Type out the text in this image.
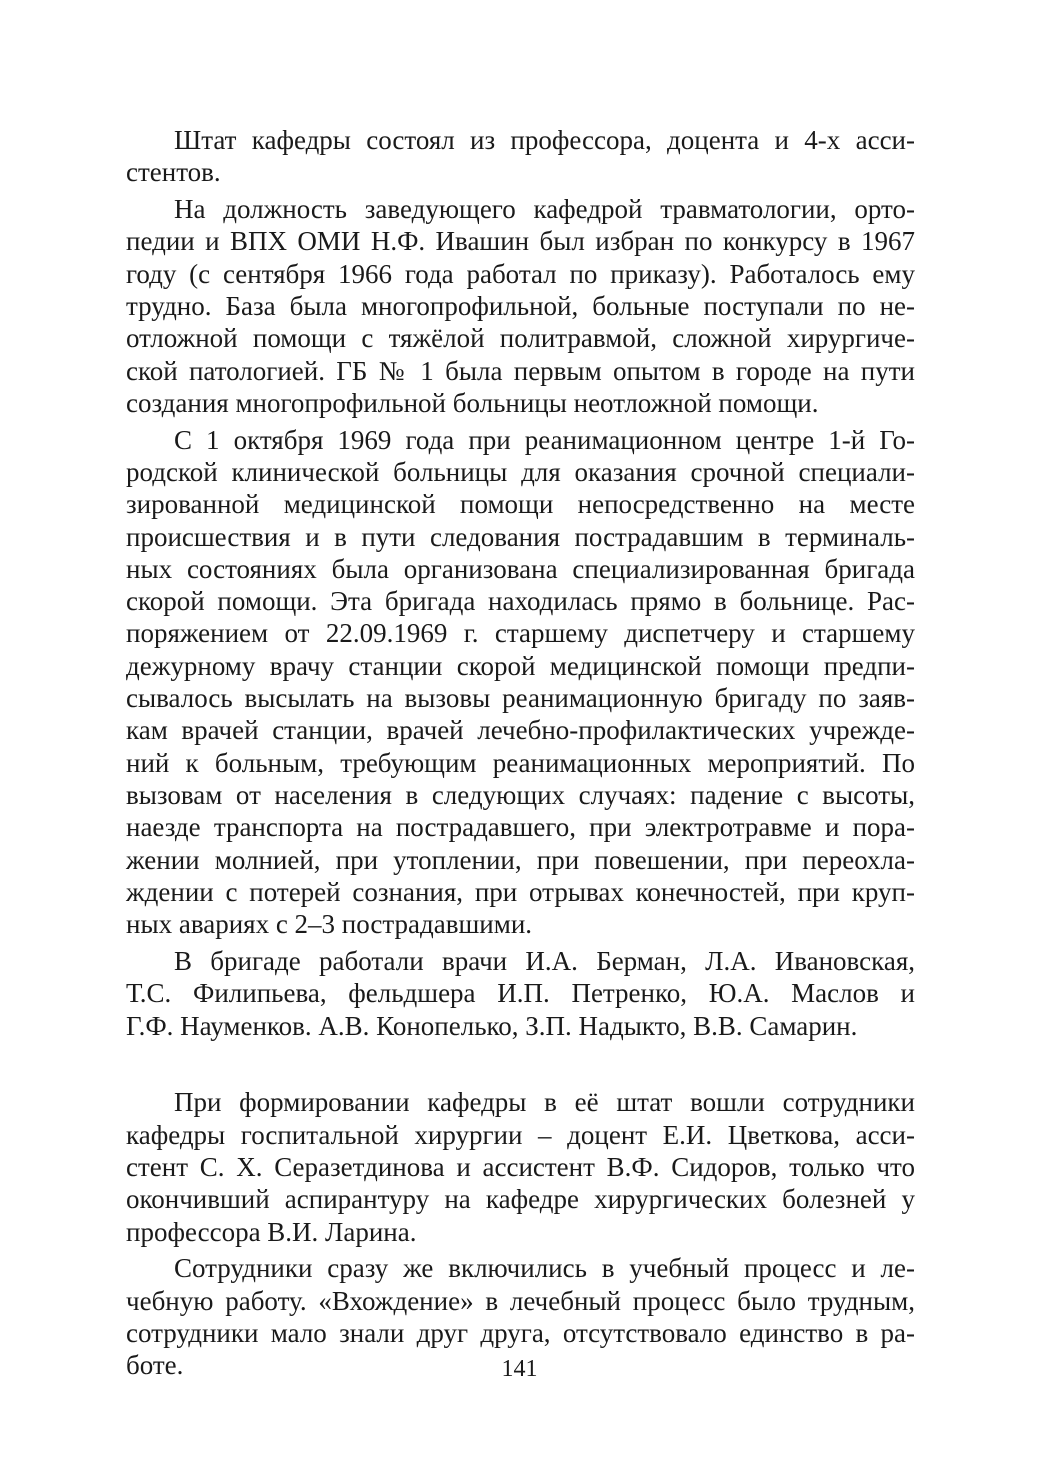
Штат кафедры состоял из профессора, доцента и 4-х асси-
стентов.
На должность заведующего кафедрой травматологии, орто-
педии и ВПХ ОМИ Н.Ф. Ивашин был избран по конкурсу в 1967
году (с сентября 1966 года работал по приказу). Работалось ему
трудно. База была многопрофильной, больные поступали по не-
отложной помощи с тяжёлой политравмой, сложной хирургиче-
ской патологией. ГБ № 1 была первым опытом в городе на пути
создания многопрофильной больницы неотложной помощи.
С 1 октября 1969 года при реанимационном центре 1-й Го-
родской клинической больницы для оказания срочной специали-
зированной медицинской помощи непосредственно на месте
происшествия и в пути следования пострадавшим в терминаль-
ных состояниях была организована специализированная бригада
скорой помощи. Эта бригада находилась прямо в больнице. Рас-
поряжением от 22.09.1969 г. старшему диспетчеру и старшему
дежурному врачу станции скорой медицинской помощи предпи-
сывалось высылать на вызовы реанимационную бригаду по заяв-
кам врачей станции, врачей лечебно-профилактических учрежде-
ний к больным, требующим реанимационных мероприятий. По
вызовам от населения в следующих случаях: падение с высоты,
наезде транспорта на пострадавшего, при электротравме и пора-
жении молнией, при утоплении, при повешении, при переохла-
ждении с потерей сознания, при отрывах конечностей, при круп-
ных авариях с 2–3 пострадавшими.
В бригаде работали врачи И.А. Берман, Л.А. Ивановская,
Т.С. Филипьева, фельдшера И.П. Петренко, Ю.А. Маслов и
Г.Ф. Науменков. А.В. Конопелько, З.П. Надыкто, В.В. Самарин.
При формировании кафедры в её штат вошли сотрудники
кафедры госпитальной хирургии – доцент Е.И. Цветкова, асси-
стент С. Х. Серазетдинова и ассистент В.Ф. Сидоров, только что
окончивший аспирантуру на кафедре хирургических болезней у
профессора В.И. Ларина.
Сотрудники сразу же включились в учебный процесс и ле-
чебную работу. «Вхождение» в лечебный процесс было трудным,
сотрудники мало знали друг друга, отсутствовало единство в ра-
боте.	141
